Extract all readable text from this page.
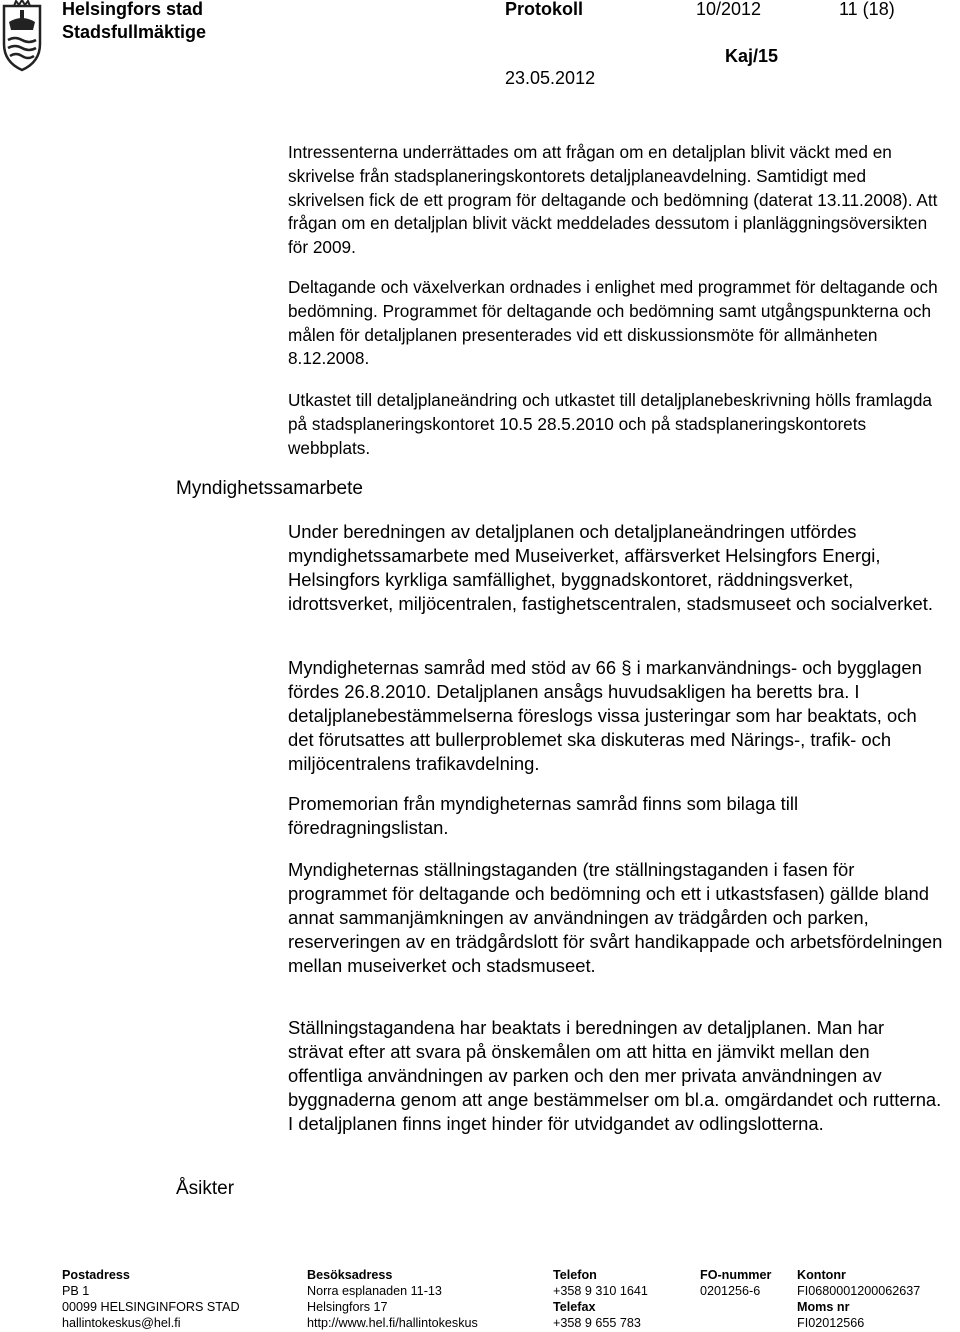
Helsingfors stad
Stadsfullmäktige
Protokoll	10/2012	11 (18)
Kaj/15
23.05.2012
Myndighetssamarbete
Åsikter

Intressenterna underrättades om att frågan om en detaljplan blivit väckt med en skrivelse från stadsplaneringskontorets detaljplaneavdelning. Samtidigt med skrivelsen fick de ett program för deltagande och bedömning (daterat 13.11.2008). Att frågan om en detaljplan blivit väckt meddelades dessutom i planläggningsöversikten för 2009.

Deltagande och växelverkan ordnades i enlighet med programmet för deltagande och bedömning. Programmet för deltagande och bedömning samt utgångspunkterna och målen för detaljplanen presenterades vid ett diskussionsmöte för allmänheten 8.12.2008.

Utkastet till detaljplaneändring och utkastet till detaljplanebeskrivning hölls framlagda på stadsplaneringskontoret 10.5 28.5.2010 och på stadsplaneringskontorets webbplats.

Under beredningen av detaljplanen och detaljplaneändringen utfördes myndighetssamarbete med Museiverket, affärsverket Helsingfors Energi, Helsingfors kyrkliga samfällighet, byggnadskontoret, räddningsverket, idrottsverket, miljöcentralen, fastighetscentralen, stadsmuseet och socialverket.

Myndigheternas samråd med stöd av 66 § i markanvändnings- och bygglagen fördes 26.8.2010. Detaljplanen ansågs huvudsakligen ha beretts bra. I detaljplanebestämmelserna föreslogs vissa justeringar som har beaktats, och det förutsattes att bullerproblemet ska diskuteras med Närings-, trafik- och miljöcentralens trafikavdelning.

Promemorian från myndigheternas samråd finns som bilaga till föredragningslistan.

Myndigheternas ställningstaganden (tre ställningstaganden i fasen för programmet för deltagande och bedömning och ett i utkastsfasen) gällde bland annat sammanjämkningen av användningen av trädgården och parken, reserveringen av en trädgårdslott för svårt handikappade och arbetsfördelningen mellan museiverket och stadsmuseet.

Ställningstagandena har beaktats i beredningen av detaljplanen. Man har strävat efter att svara på önskemålen om att hitta en jämvikt mellan den offentliga användningen av parken och den mer privata användningen av byggnaderna genom att ange bestämmelser om bl.a. omgärdandet och rutterna. I detaljplanen finns inget hinder för utvidgandet av odlingslotterna.

Postadress
PB 1
00099 HELSINGINFORS STAD
hallintokeskus@hel.fi
Besöksadress
Norra esplanaden 11-13
Helsingfors 17
http://www.hel.fi/hallintokeskus
Telefon
+358 9 310 1641
Telefax
+358 9 655 783
FO-nummer
0201256-6
Kontonr
FI0680001200062637
Moms nr
FI02012566
